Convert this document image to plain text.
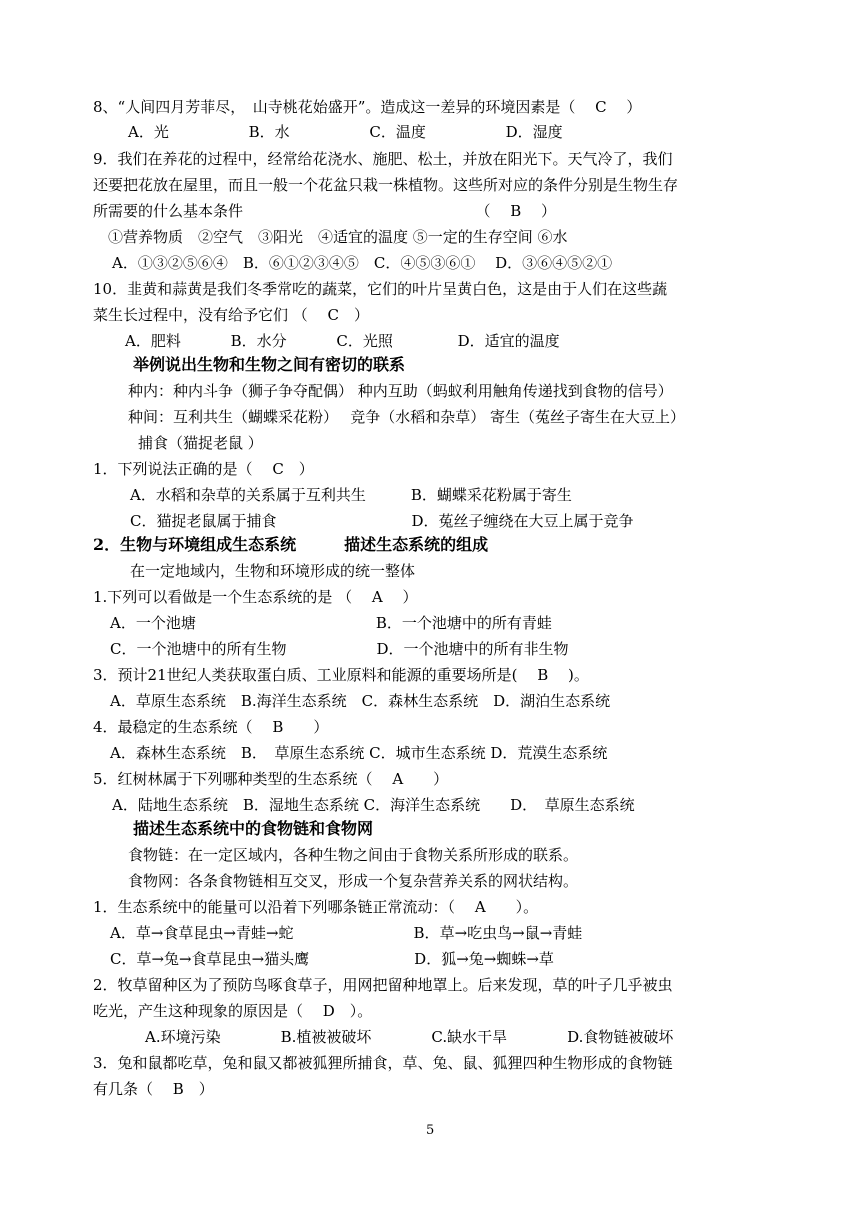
8、“人间四月芳菲尽，　山寺桃花始盛开”。造成这一差异的环境因素是（　 C　 ）
A．光　　　　　 B．水　　　　　 C．温度　　　　　 D．湿度
9．我们在养花的过程中，经常给花浇水、施肥、松土，并放在阳光下。天气冷了，我们
还要把花放在屋里，而且一般一个花盆只栽一株植物。这些所对应的条件分别是生物生存
所需要的什么基本条件　　　　　　　　　　　　　　　　（　 B　 ）
①营养物质　②空气　③阳光　④适宜的温度 ⑤一定的生存空间 ⑥水
A．①③②⑤⑥④　B．⑥①②③④⑤　C．④⑤③⑥①　 D．③⑥④⑤②①
10．韭黄和蒜黄是我们冬季常吃的蔬菜，它们的叶片呈黄白色，这是由于人们在这些蔬
菜生长过程中，没有给予它们 （　 C　）
A．肥料　　　 B．水分　　　 C．光照　　　　 D．适宜的温度
举例说出生物和生物之间有密切的联系
种内：种内斗争（狮子争夺配偶） 种内互助（蚂蚁利用触角传递找到食物的信号）
种间：互利共生（蝴蝶采花粉）　 竞争（水稻和杂草） 寄生（菟丝子寄生在大豆上）
捕食（猫捉老鼠 ）
1．下列说法正确的是（　 C　）
A．水稻和杂草的关系属于互利共生　　　B．蝴蝶采花粉属于寄生
C．猫捉老鼠属于捕食　　　　　　　　　D．菟丝子缠绕在大豆上属于竞争
2．生物与环境组成生态系统　　　描述生态系统的组成
在一定地域内，生物和环境形成的统一整体
1.下列可以看做是一个生态系统的是 （　 A　 ）
A．一个池塘　　　　　　　　　　　　B．一个池塘中的所有青蛙
C．一个池塘中的所有生物　　　　　　D．一个池塘中的所有非生物
3．预计21世纪人类获取蛋白质、工业原料和能源的重要场所是(　 B　 )。
A．草原生态系统　B.海洋生态系统　C．森林生态系统　D．湖泊生态系统
4．最稳定的生态系统（　 B　　）
A．森林生态系统　B．　草原生态系统 C．城市生态系统 D．荒漠生态系统
5．红树林属于下列哪种类型的生态系统（　 A　　）
A．陆地生态系统　B．湿地生态系统 C．海洋生态系统　　D．　草原生态系统
描述生态系统中的食物链和食物网
食物链：在一定区域内，各种生物之间由于食物关系所形成的联系。
食物网：各条食物链相互交叉，形成一个复杂营养关系的网状结构。
1．生态系统中的能量可以沿着下列哪条链正常流动：（　 A　　）。
A．草→食草昆虫→青蛙→蛇　　　　　　　　B．草→吃虫鸟→鼠→青蛙
C．草→兔→食草昆虫→猫头鹰　　　　　　　D．狐→兔→蜘蛛→草
2．牧草留种区为了预防鸟啄食草子，用网把留种地罩上。后来发现，草的叶子几乎被虫
吃光，产生这种现象的原因是（　 D　）。
A.环境污染　　　　B.植被被破坏　　　　C.缺水干旱　　　　D.食物链被破坏
3．兔和鼠都吃草，兔和鼠又都被狐狸所捕食，草、兔、鼠、狐狸四种生物形成的食物链
有几条（　 B　）
5
